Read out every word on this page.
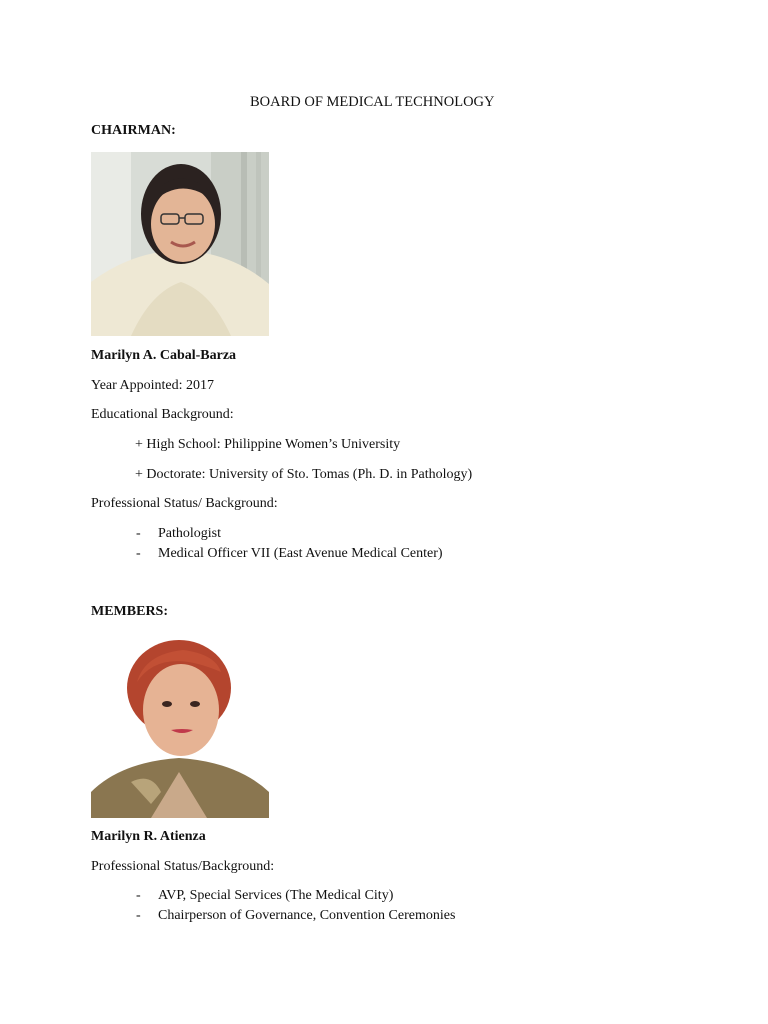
BOARD OF MEDICAL TECHNOLOGY
CHAIRMAN:
Marilyn A. Cabal-Barza
Year Appointed: 2017
Educational Background:
+ High School: Philippine Women’s University
+ Doctorate: University of Sto. Tomas (Ph. D. in Pathology)
Professional Status/ Background:
- Pathologist
- Medical Officer VII (East Avenue Medical Center)
MEMBERS:
Marilyn R. Atienza
Professional Status/Background:
- AVP, Special Services (The Medical City)
- Chairperson of Governance, Convention Ceremonies
